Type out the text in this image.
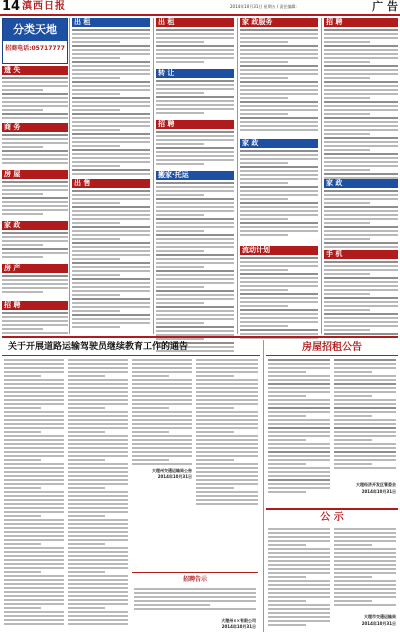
14 滇西日报	2014年10月31日 星期五 / 责任编辑：	广 告
分类天地
招商电话:05717777
遗 失
商 务
房 屋
家 政
房 产
招 聘
出 租
出 售
出 租
转 让
招 聘
搬家·托运
家 政服务
家 政
流动计划
招 聘
家 政
手 机
关于开展道路运输驾驶员继续教育工作的通告
大理州交通运输局公告
2014年10月31日
招聘告示
大理州××有限公司
2014年10月31日
房屋招租公告
大理经济开发区管委会
2014年10月31日
公 示
大理市交通运输局
2014年10月31日
